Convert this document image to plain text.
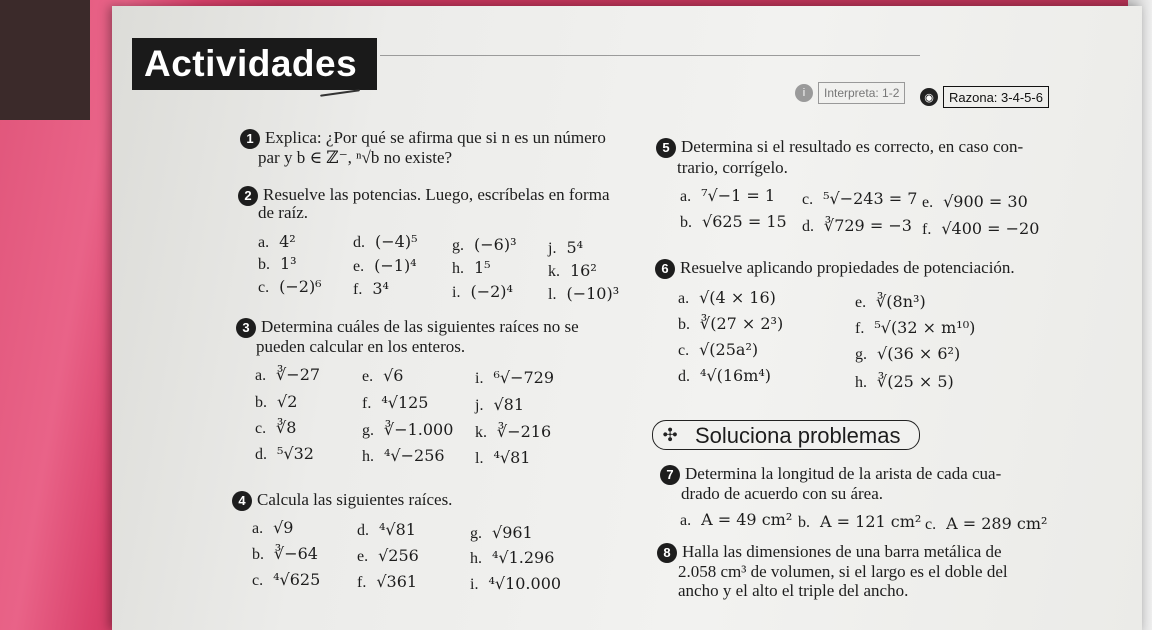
Actividades
i	Interpreta: 1-2	◉	Razona: 3-4-5-6
1 Explica: ¿Por qué se afirma que si n es un número
par y b ∈ ℤ⁻, ⁿ√b no existe?
2 Resuelve las potencias. Luego, escríbelas en forma
de raíz.
a. 4²	d. (−4)⁵ g. (−6)³ j. 5⁴
b. 1³	e. (−1)⁴ h. 1⁵	k. 16²
c. (−2)⁶ f. 3⁴	i. (−2)⁴ l. (−10)³
3 Determina cuáles de las siguientes raíces no se
pueden calcular en los enteros.
a. ∛−27	e. √6	i. ⁶√−729
b. √2	f. ⁴√125	j. √81
c. ∛8	g. ∛−1.000 k. ∛−216
d. ⁵√32	h. ⁴√−256 l. ⁴√81
4 Calcula las siguientes raíces.
a. √9	d. ⁴√81	g. √961
b. ∛−64 e. √256	h. ⁴√1.296
c. ⁴√625 f. √361	i. ⁴√10.000
5 Determina si el resultado es correcto, en caso con-
trario, corrígelo.
a. ⁷√−1 = 1 c. ⁵√−243 = 7 e. √900 = 30
b. √625 = 15 d. ∛729 = −3 f. √400 = −20
6 Resuelve aplicando propiedades de potenciación.
a. √(4 × 16)	e. ∛(8n³)
b. ∛(27 × 2³)	f. ⁵√(32 × m¹⁰)
c. √(25a²)	g. √(36 × 6²)
d. ⁴√(16m⁴)	h. ∛(25 × 5)
✣ Soluciona problemas
7 Determina la longitud de la arista de cada cua-
drado de acuerdo con su área.
a. A = 49 cm² b. A = 121 cm² c. A = 289 cm²
8 Halla las dimensiones de una barra metálica de
2.058 cm³ de volumen, si el largo es el doble del
ancho y el alto el triple del ancho.
